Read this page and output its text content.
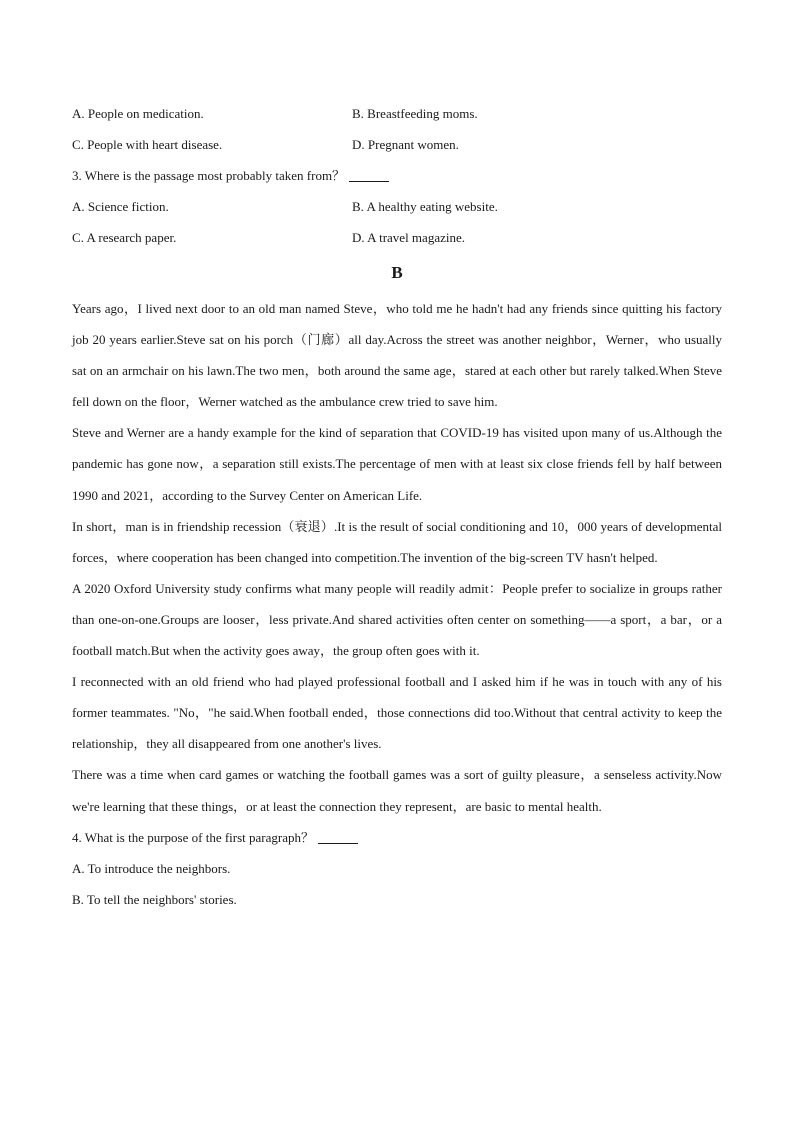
A. People on medication.	B. Breastfeeding moms.
C. People with heart disease.	D. Pregnant women.
3. Where is the passage most probably taken from？
A. Science fiction.	B. A healthy eating website.
C. A research paper.	D. A travel magazine.
B

Years ago，I lived next door to an old man named Steve，who told me he hadn't had any friends since quitting his factory job 20 years earlier.Steve sat on his porch（门廊）all day.Across the street was another neighbor，Werner，who usually sat on an armchair on his lawn.The two men，both around the same age，stared at each other but rarely talked.When Steve fell down on the floor，Werner watched as the ambulance crew tried to save him.

Steve and Werner are a handy example for the kind of separation that COVID-19 has visited upon many of us.Although the pandemic has gone now，a separation still exists.The percentage of men with at least six close friends fell by half between 1990 and 2021，according to the Survey Center on American Life.

In short，man is in friendship recession（衰退）.It is the result of social conditioning and 10，000 years of developmental forces，where cooperation has been changed into competition.The invention of the big-screen TV hasn't helped.

A 2020 Oxford University study confirms what many people will readily admit：People prefer to socialize in groups rather than one-on-one.Groups are looser，less private.And shared activities often center on something——a sport，a bar，or a football match.But when the activity goes away，the group often goes with it.

I reconnected with an old friend who had played professional football and I asked him if he was in touch with any of his former teammates. "No，"he said.When football ended，those connections did too.Without that central activity to keep the relationship，they all disappeared from one another's lives.

There was a time when card games or watching the football games was a sort of guilty pleasure，a senseless activity.Now we're learning that these things，or at least the connection they represent，are basic to mental health.

4. What is the purpose of the first paragraph？
A. To introduce the neighbors.
B. To tell the neighbors' stories.
